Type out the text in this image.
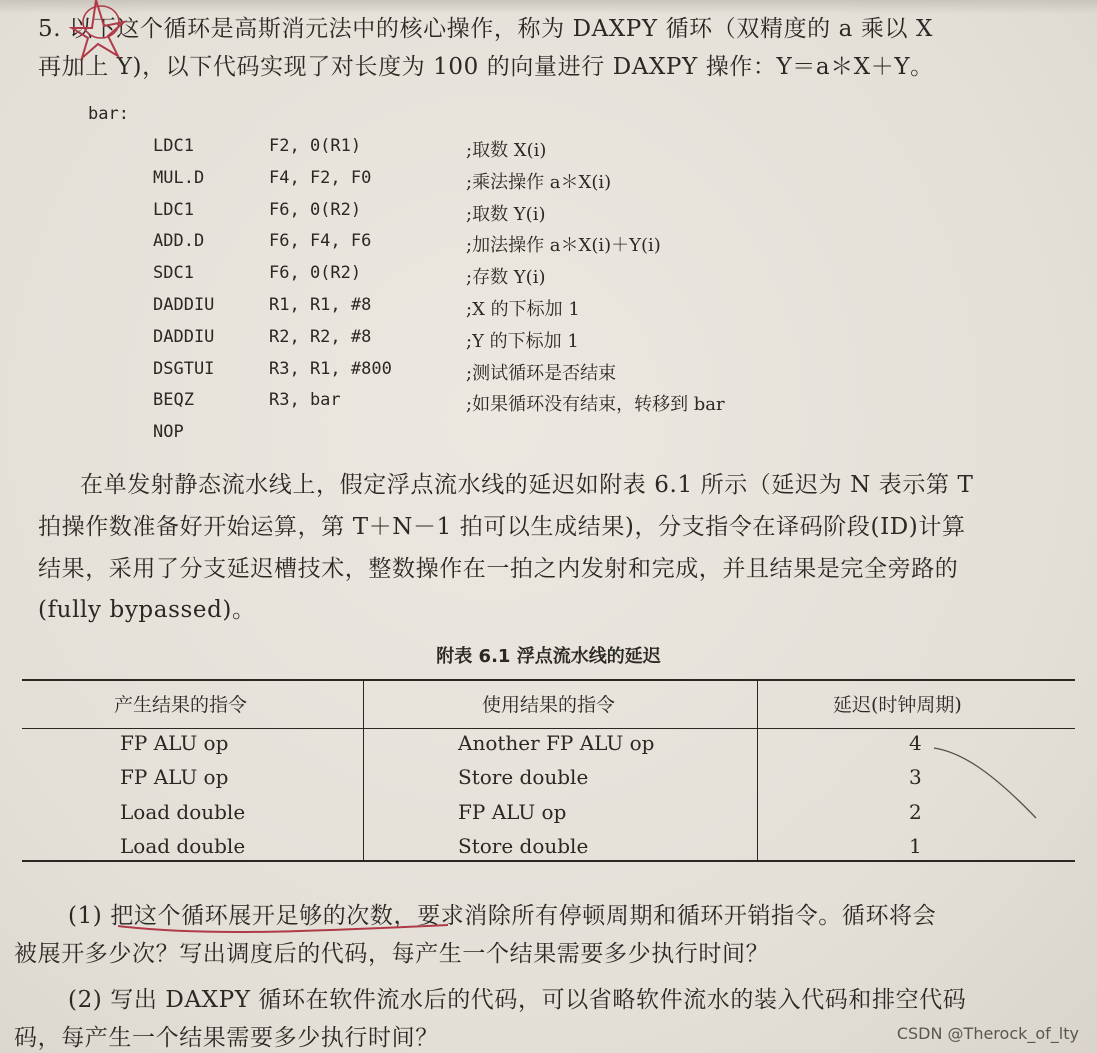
5. 以下这个循环是高斯消元法中的核心操作，称为 DAXPY 循环（双精度的 a 乘以 X
再加上 Y)，以下代码实现了对长度为 100 的向量进行 DAXPY 操作：Y＝a＊X＋Y。
bar:
LDC1	F2, 0(R1)	;取数 X(i)
MUL.D	F4, F2, F0	;乘法操作 a＊X(i)
LDC1	F6, 0(R2)	;取数 Y(i)
ADD.D	F6, F4, F6	;加法操作 a＊X(i)＋Y(i)
SDC1	F6, 0(R2)	;存数 Y(i)
DADDIU	R1, R1, #8	;X 的下标加 1
DADDIU	R2, R2, #8	;Y 的下标加 1
DSGTUI	R3, R1, #800	;测试循环是否结束
BEQZ	R3, bar	;如果循环没有结束，转移到 bar
NOP
在单发射静态流水线上，假定浮点流水线的延迟如附表 6.1 所示（延迟为 N 表示第 T
拍操作数准备好开始运算，第 T＋N－1 拍可以生成结果)，分支指令在译码阶段(ID)计算
结果，采用了分支延迟槽技术，整数操作在一拍之内发射和完成，并且结果是完全旁路的
(fully bypassed)。
附表 6.1 浮点流水线的延迟
产生结果的指令	使用结果的指令	延迟(时钟周期)
FP ALU op	Another FP ALU op	4
FP ALU op	Store double	3
Load double	FP ALU op	2
Load double	Store double	1
(1) 把这个循环展开足够的次数，要求消除所有停顿周期和循环开销指令。循环将会
被展开多少次？写出调度后的代码，每产生一个结果需要多少执行时间？
(2) 写出 DAXPY 循环在软件流水后的代码，可以省略软件流水的装入代码和排空代码
码，每产生一个结果需要多少执行时间？	CSDN @Therock_of_lty
